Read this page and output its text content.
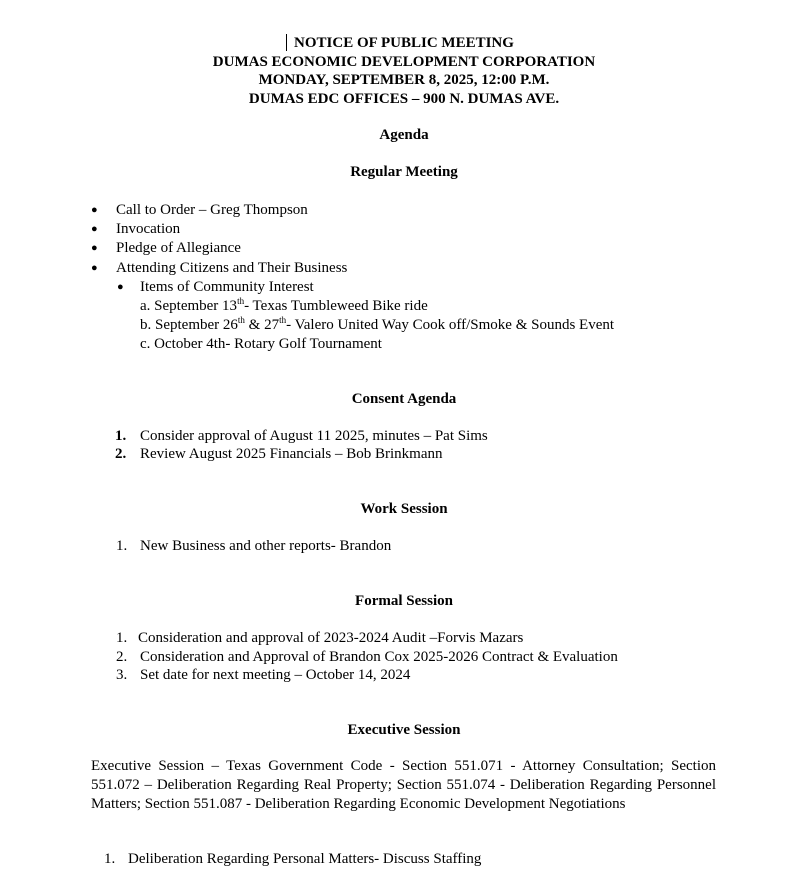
NOTICE OF PUBLIC MEETING
DUMAS ECONOMIC DEVELOPMENT CORPORATION
MONDAY, SEPTEMBER 8, 2025, 12:00 P.M.
DUMAS EDC OFFICES – 900 N. DUMAS AVE.
Agenda
Regular Meeting
● Call to Order – Greg Thompson
● Invocation
● Pledge of Allegiance
● Attending Citizens and Their Business
● Items of Community Interest
a. September 13th- Texas Tumbleweed Bike ride
b. September 26th & 27th- Valero United Way Cook off/Smoke & Sounds Event
c. October 4th- Rotary Golf Tournament
Consent Agenda
1. Consider approval of August 11 2025, minutes – Pat Sims
2. Review August 2025 Financials – Bob Brinkmann
Work Session
1. New Business and other reports- Brandon
Formal Session
1. Consideration and approval of 2023-2024 Audit –Forvis Mazars
2. Consideration and Approval of Brandon Cox 2025-2026 Contract & Evaluation
3. Set date for next meeting – October 14, 2024
Executive Session
Executive Session – Texas Government Code - Section 551.071 - Attorney Consultation; Section 551.072 – Deliberation Regarding Real Property; Section 551.074 - Deliberation Regarding Personnel Matters; Section 551.087 - Deliberation Regarding Economic Development Negotiations
1. Deliberation Regarding Personal Matters- Discuss Staffing
